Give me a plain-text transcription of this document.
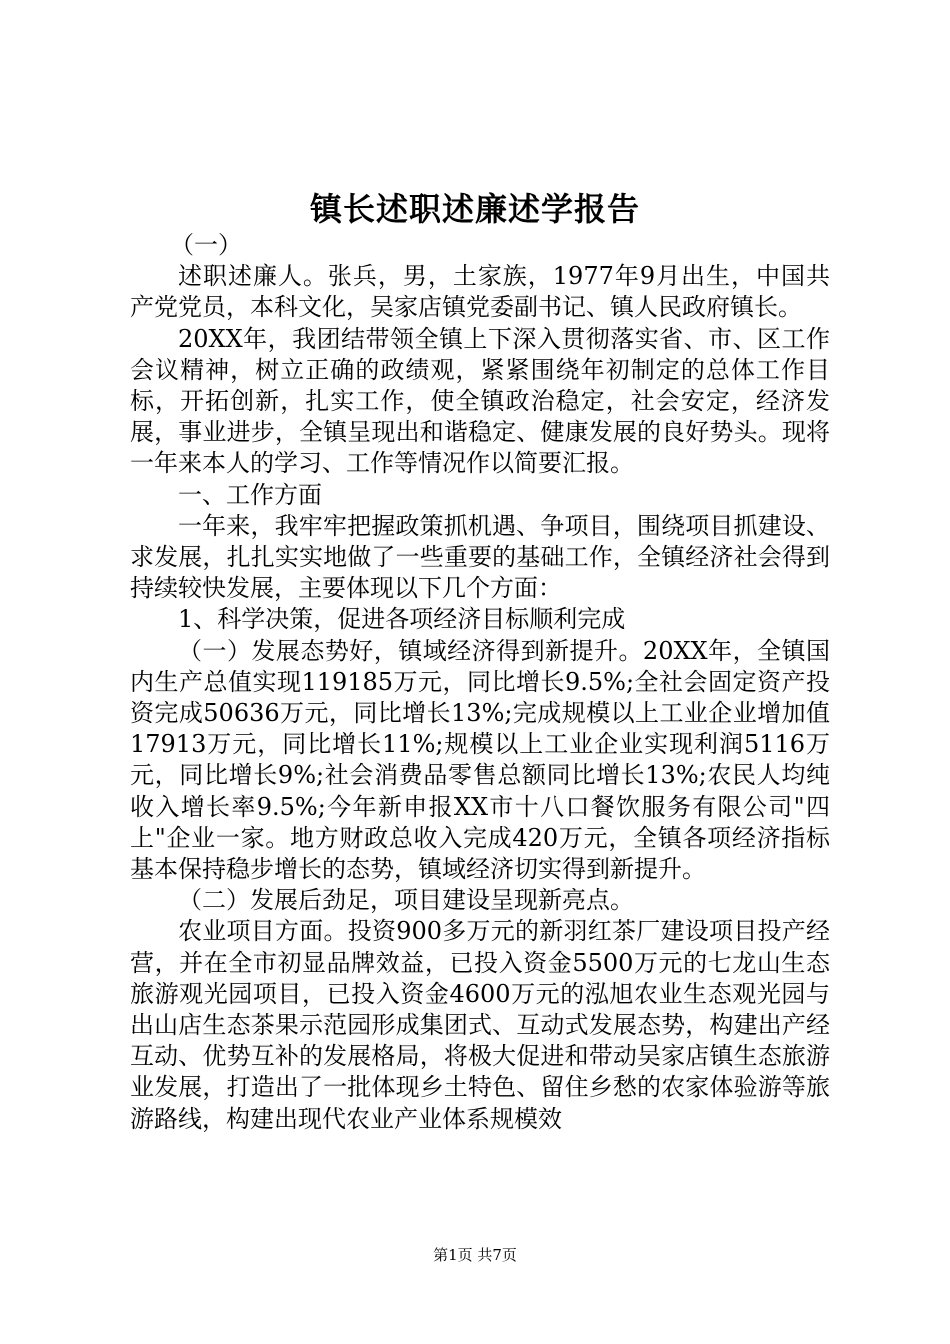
镇长述职述廉述学报告

（一）

述职述廉人。张兵，男，土家族，1977年9月出生，中国共产党党员，本科文化，吴家店镇党委副书记、镇人民政府镇长。

20XX年，我团结带领全镇上下深入贯彻落实省、市、区工作会议精神，树立正确的政绩观，紧紧围绕年初制定的总体工作目标，开拓创新，扎实工作，使全镇政治稳定，社会安定，经济发展，事业进步，全镇呈现出和谐稳定、健康发展的良好势头。现将一年来本人的学习、工作等情况作以简要汇报。

一、工作方面

一年来，我牢牢把握政策抓机遇、争项目，围绕项目抓建设、求发展，扎扎实实地做了一些重要的基础工作，全镇经济社会得到持续较快发展，主要体现以下几个方面：

1、科学决策，促进各项经济目标顺利完成

（一）发展态势好，镇域经济得到新提升。20XX年，全镇国内生产总值实现119185万元，同比增长9.5%;全社会固定资产投资完成50636万元，同比增长13%;完成规模以上工业企业增加值17913万元，同比增长11%;规模以上工业企业实现利润5116万元，同比增长9%;社会消费品零售总额同比增长13%;农民人均纯收入增长率9.5%;今年新申报XX市十八口餐饮服务有限公司"四上"企业一家。地方财政总收入完成420万元，全镇各项经济指标基本保持稳步增长的态势，镇域经济切实得到新提升。

（二）发展后劲足，项目建设呈现新亮点。

农业项目方面。投资900多万元的新羽红茶厂建设项目投产经营，并在全市初显品牌效益，已投入资金5500万元的七龙山生态旅游观光园项目，已投入资金4600万元的泓旭农业生态观光园与出山店生态茶果示范园形成集团式、互动式发展态势，构建出产经互动、优势互补的发展格局，将极大促进和带动吴家店镇生态旅游业发展，打造出了一批体现乡土特色、留住乡愁的农家体验游等旅游路线，构建出现代农业产业体系规模效

第1页 共7页
